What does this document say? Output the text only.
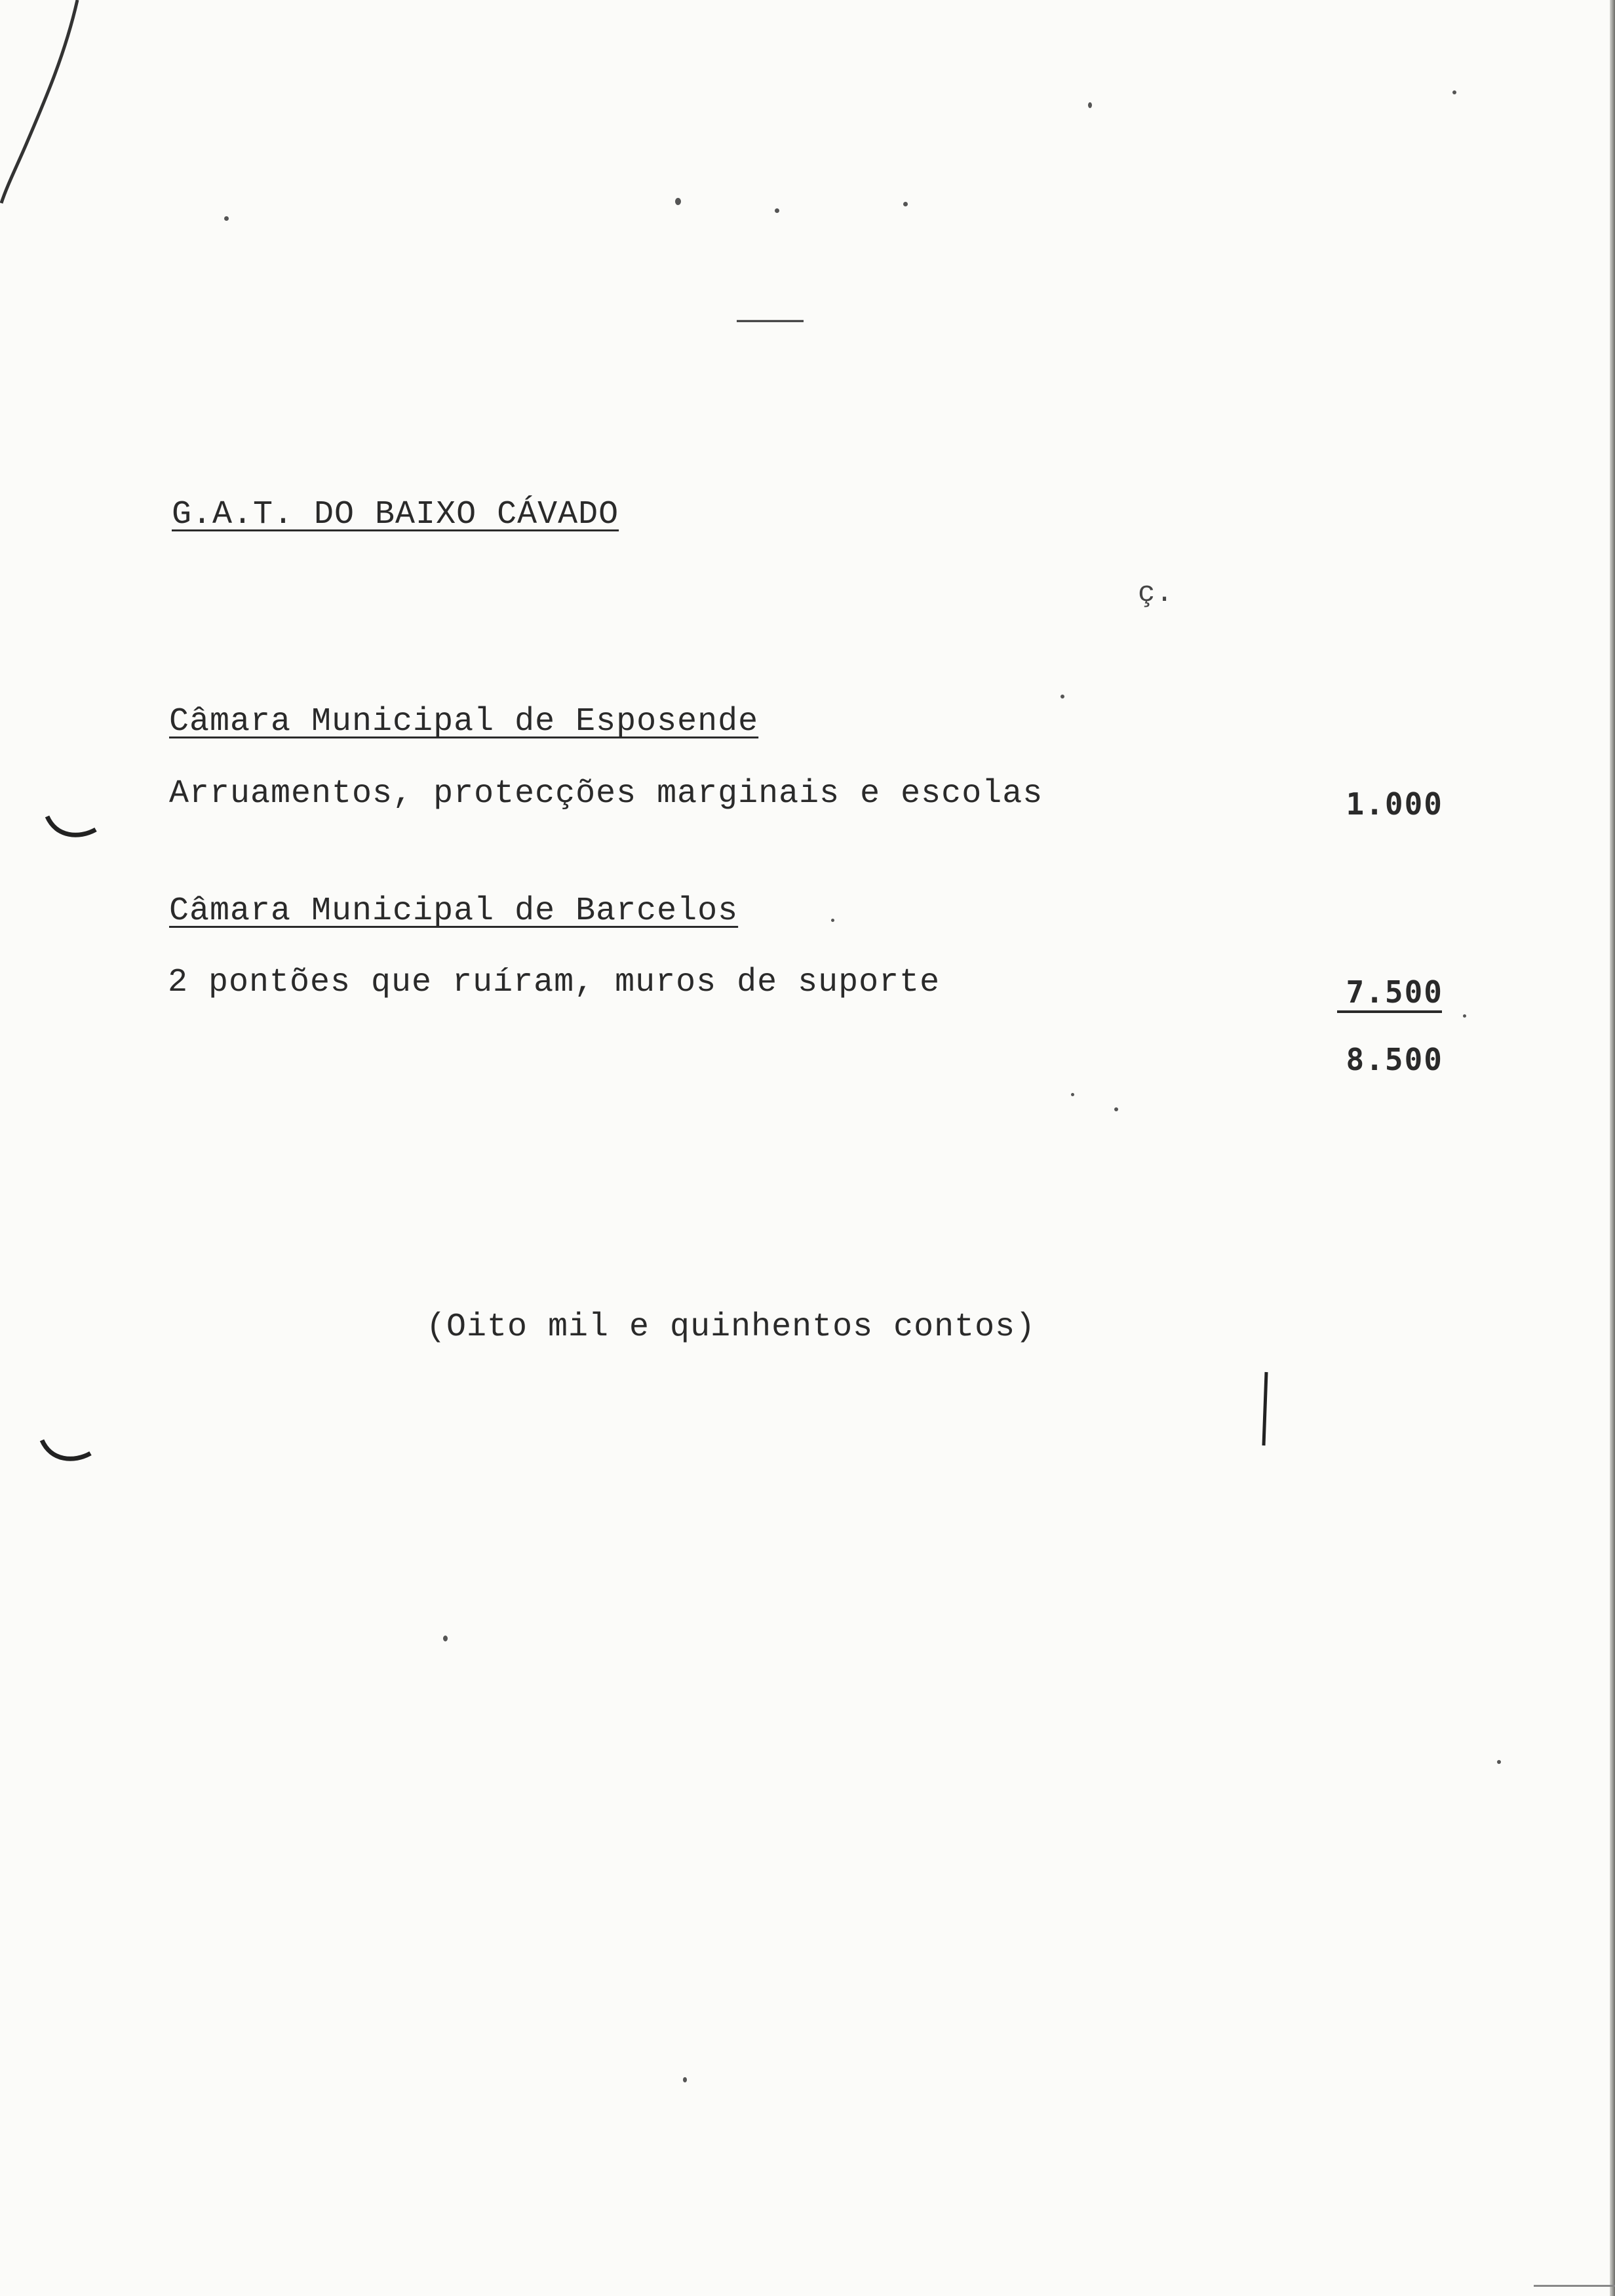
G.A.T. DO BAIXO CÁVADO
ç.
Câmara Municipal de Esposende
Arruamentos, protecções marginais e escolas	1.000
Câmara Municipal de Barcelos
2 pontões que ruíram, muros de suporte	7.500
8.500
(Oito mil e quinhentos contos)
